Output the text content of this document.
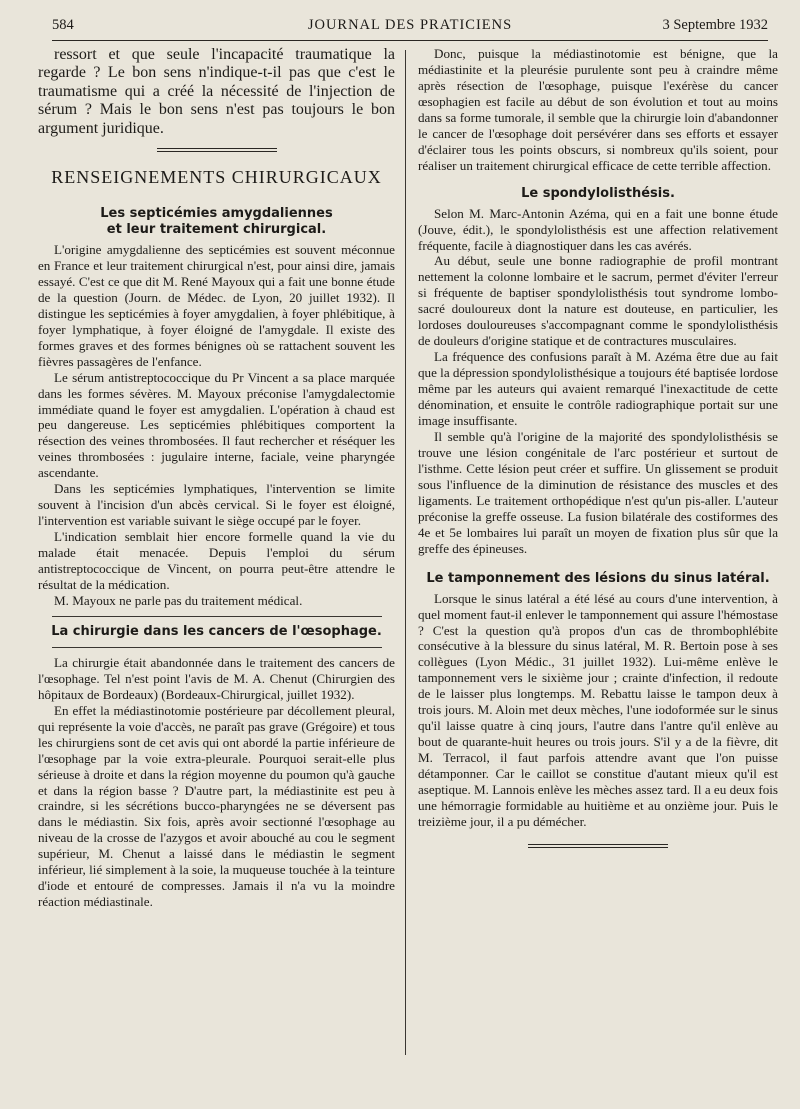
584	JOURNAL DES PRATICIENS	3 Septembre 1932

ressort et que seule l'incapacité traumatique la regarde ? Le bon sens n'indique-t-il pas que c'est le traumatisme qui a créé la nécessité de l'injection de sérum ? Mais le bon sens n'est pas toujours le bon argument juridique.

RENSEIGNEMENTS CHIRURGICAUX
Les septicémies amygdaliennes
et leur traitement chirurgical.

L'origine amygdalienne des septicémies est souvent méconnue en France et leur traitement chirurgical n'est, pour ainsi dire, jamais essayé. C'est ce que dit M. René Mayoux qui a fait une bonne étude de la question (Journ. de Médec. de Lyon, 20 juillet 1932). Il distingue les septicémies à foyer amygdalien, à foyer phlébitique, à foyer lymphatique, à foyer éloigné de l'amygdale. Il existe des formes graves et des formes bénignes où se rattachent souvent les fièvres passagères de l'enfance.

Le sérum antistreptococcique du Pr Vincent a sa place marquée dans les formes sévères. M. Mayoux préconise l'amygdalectomie immédiate quand le foyer est amygdalien. L'opération à chaud est peu dangereuse. Les septicémies phlébitiques comportent la résection des veines thrombosées. Il faut rechercher et réséquer les veines thrombosées : jugulaire interne, faciale, veine pharyngée ascendante.

Dans les septicémies lymphatiques, l'intervention se limite souvent à l'incision d'un abcès cervical. Si le foyer est éloigné, l'intervention est variable suivant le siège occupé par le foyer.

L'indication semblait hier encore formelle quand la vie du malade était menacée. Depuis l'emploi du sérum antistreptococcique de Vincent, on pourra peut-être attendre le résultat de la médication.

M. Mayoux ne parle pas du traitement médical.

La chirurgie dans les cancers de l'œsophage.

La chirurgie était abandonnée dans le traitement des cancers de l'œsophage. Tel n'est point l'avis de M. A. Chenut (Chirurgien des hôpitaux de Bordeaux) (Bordeaux-Chirurgical, juillet 1932).

En effet la médiastinotomie postérieure par décollement pleural, qui représente la voie d'accès, ne paraît pas grave (Grégoire) et tous les chirurgiens sont de cet avis qui ont abordé la partie inférieure de l'œsophage par la voie extra-pleurale. Pourquoi serait-elle plus sérieuse à droite et dans la région moyenne du poumon qu'à gauche et dans la région basse ? D'autre part, la médiastinite est peu à craindre, si les sécrétions bucco-pharyngées ne se déversent pas dans le médiastin. Six fois, après avoir sectionné l'œsophage au niveau de la crosse de l'azygos et avoir abouché au cou le segment supérieur, M. Chenut a laissé dans le médiastin le segment inférieur, lié simplement à la soie, la muqueuse touchée à la teinture d'iode et entouré de compresses. Jamais il n'a vu la moindre réaction médiastinale.

Donc, puisque la médiastinotomie est bénigne, que la médiastinite et la pleurésie purulente sont peu à craindre même après résection de l'œsophage, puisque l'exérèse du cancer œsophagien est facile au début de son évolution et tout au moins dans sa forme tumorale, il semble que la chirurgie loin d'abandonner le cancer de l'œsophage doit persévérer dans ses efforts et essayer d'éclairer tous les points obscurs, si nombreux qu'ils soient, pour réaliser un traitement chirurgical efficace de cette terrible affection.

Le spondylolisthésis.

Selon M. Marc-Antonin Azéma, qui en a fait une bonne étude (Jouve, édit.), le spondylolisthésis est une affection relativement fréquente, facile à diagnostiquer dans les cas avérés.

Au début, seule une bonne radiographie de profil montrant nettement la colonne lombaire et le sacrum, permet d'éviter l'erreur si fréquente de baptiser spondylolisthésis tout syndrome lombo-sacré douloureux dont la nature est douteuse, en particulier, les lordoses douloureuses s'accompagnant comme le spondylolisthésis de douleurs d'origine statique et de contractures musculaires.

La fréquence des confusions paraît à M. Azéma être due au fait que la dépression spondylolisthésique a toujours été baptisée lordose même par les auteurs qui avaient remarqué l'inexactitude de cette dénomination, et ensuite le contrôle radiographique portait sur une image insuffisante.

Il semble qu'à l'origine de la majorité des spondylolisthésis se trouve une lésion congénitale de l'arc postérieur et surtout de l'isthme. Cette lésion peut créer et suffire. Un glissement se produit sous l'influence de la diminution de résistance des muscles et des ligaments. Le traitement orthopédique n'est qu'un pis-aller. L'auteur préconise la greffe osseuse. La fusion bilatérale des costiformes des 4e et 5e lombaires lui paraît un moyen de fixation plus sûr que la greffe des épineuses.

Le tamponnement des lésions du sinus latéral.

Lorsque le sinus latéral a été lésé au cours d'une intervention, à quel moment faut-il enlever le tamponnement qui assure l'hémostase ? C'est la question qu'à propos d'un cas de thrombophlébite consécutive à la blessure du sinus latéral, M. R. Bertoin pose à ses collègues (Lyon Médic., 31 juillet 1932). Lui-même enlève le tamponnement vers le sixième jour ; crainte d'infection, il redoute de le laisser plus longtemps. M. Rebattu laisse le tampon deux à trois jours. M. Aloin met deux mèches, l'une iodoformée sur le sinus qu'il laisse quatre à cinq jours, l'autre dans l'antre qu'il enlève au bout de quarante-huit heures ou trois jours. S'il y a de la fièvre, dit M. Terracol, il faut parfois attendre avant que l'on puisse détamponner. Car le caillot se constitue d'autant mieux qu'il est aseptique. M. Lannois enlève les mèches assez tard. Il a eu deux fois une hémorragie formidable au huitième et au onzième jour. Puis le treizième jour, il a pu démécher.
